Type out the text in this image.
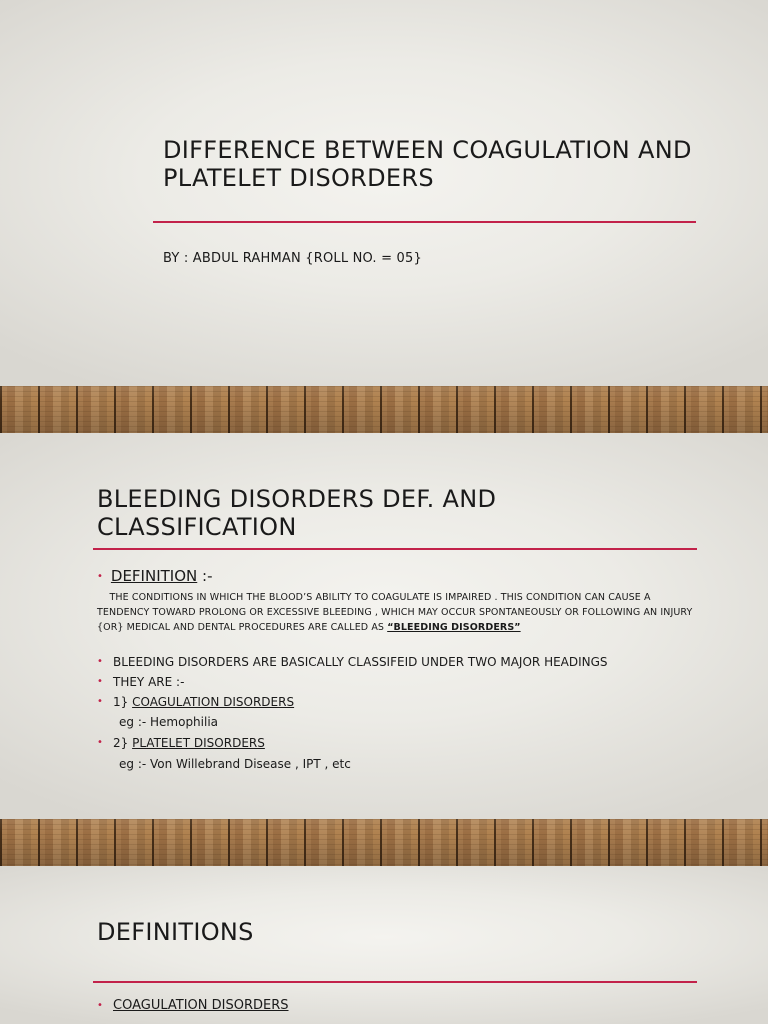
DIFFERENCE BETWEEN COAGULATION AND PLATELET DISORDERS
BY : ABDUL RAHMAN {ROLL NO. = 05}
BLEEDING DISORDERS DEF. AND CLASSIFICATION
• DEFINITION :-

THE CONDITIONS IN WHICH THE BLOOD’S ABILITY TO COAGULATE IS IMPAIRED . THIS CONDITION CAN CAUSE A TENDENCY TOWARD PROLONG OR EXCESSIVE BLEEDING , WHICH MAY OCCUR SPONTANEOUSLY OR FOLLOWING AN INJURY {OR} MEDICAL AND DENTAL PROCEDURES ARE CALLED AS “BLEEDING DISORDERS”

• BLEEDING DISORDERS ARE BASICALLY CLASSIFEID UNDER TWO MAJOR HEADINGS
• THEY ARE :-
• 1} COAGULATION DISORDERS
• 2} PLATELET DISORDERS
eg :- Hemophilia
eg :- Von Willebrand Disease , IPT , etc
DEFINITIONS
• COAGULATION DISORDERS
